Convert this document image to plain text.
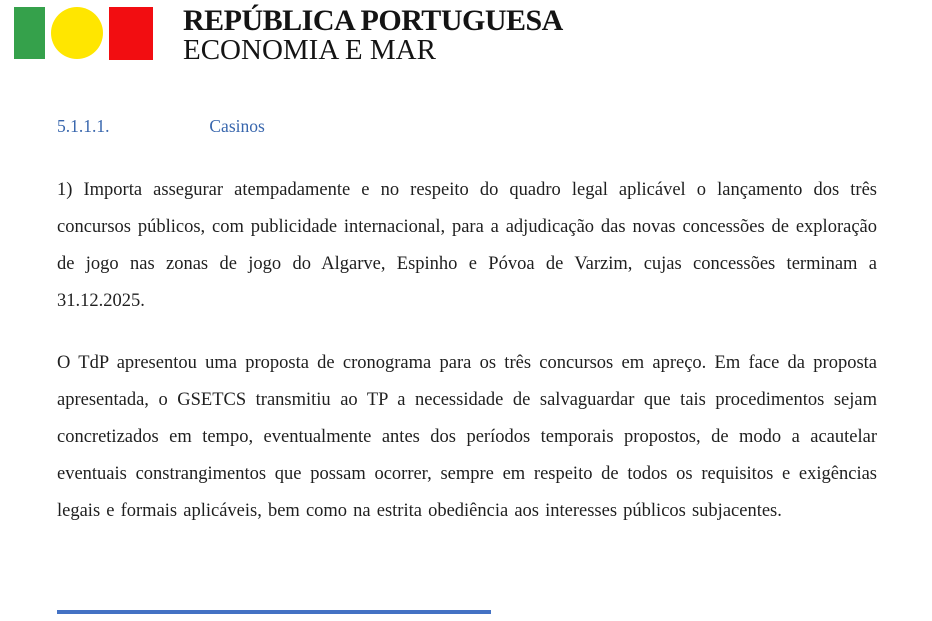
REPÚBLICA PORTUGUESA
ECONOMIA E MAR
5.1.1.1.	Casinos

1) Importa assegurar atempadamente e no respeito do quadro legal aplicável o lançamento dos três concursos públicos, com publicidade internacional, para a adjudicação das novas concessões de exploração de jogo nas zonas de jogo do Algarve, Espinho e Póvoa de Varzim, cujas concessões terminam a 31.12.2025.

O TdP apresentou uma proposta de cronograma para os três concursos em apreço. Em face da proposta apresentada, o GSETCS transmitiu ao TP a necessidade de salvaguardar que tais procedimentos sejam concretizados em tempo, eventualmente antes dos períodos temporais propostos, de modo a acautelar eventuais constrangimentos que possam ocorrer, sempre em respeito de todos os requisitos e exigências legais e formais aplicáveis, bem como na estrita obediência aos interesses públicos subjacentes.
